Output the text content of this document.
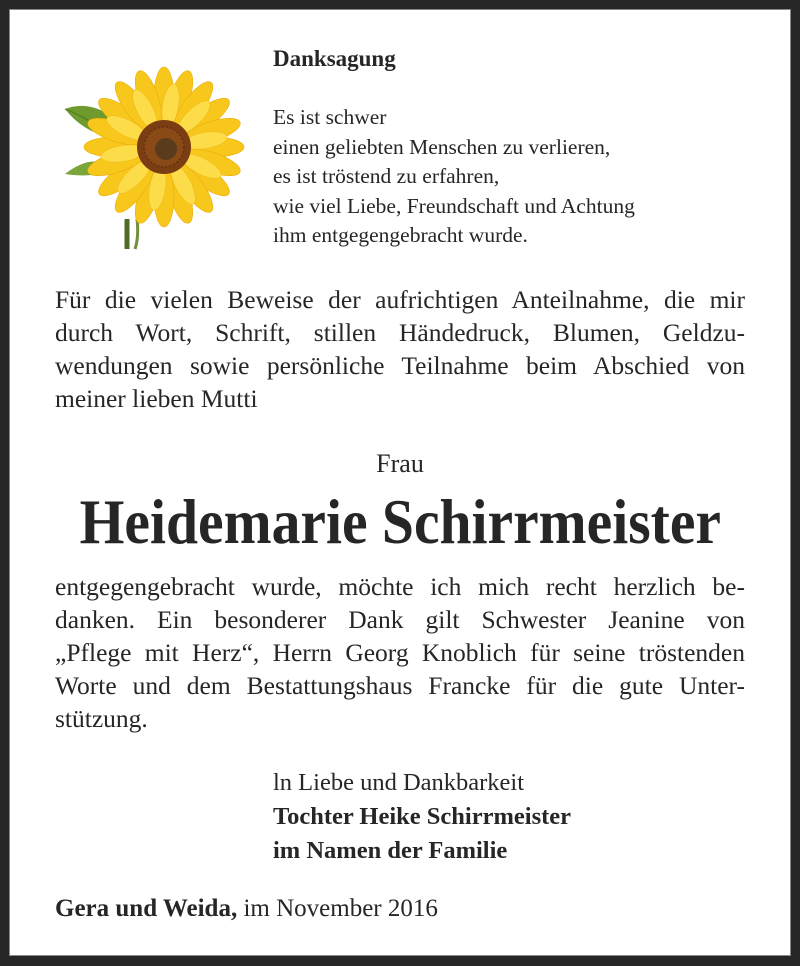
Danksagung
Es ist schwer
einen geliebten Menschen zu verlieren,
es ist tröstend zu erfahren,
wie viel Liebe, Freundschaft und Achtung
ihm entgegengebracht wurde.
Für die vielen Beweise der aufrichtigen Anteilnahme, die mir
durch Wort, Schrift, stillen Händedruck, Blumen, Geldzu-
wendungen sowie persönliche Teilnahme beim Abschied von
meiner lieben Mutti
Frau
Heidemarie Schirrmeister
entgegengebracht wurde, möchte ich mich recht herzlich be-
danken. Ein besonderer Dank gilt Schwester Jeanine von
„Pflege mit Herz“, Herrn Georg Knoblich für seine tröstenden
Worte und dem Bestattungshaus Francke für die gute Unter-
stützung.
ln Liebe und Dankbarkeit
Tochter Heike Schirrmeister
im Namen der Familie
Gera und Weida, im November 2016
